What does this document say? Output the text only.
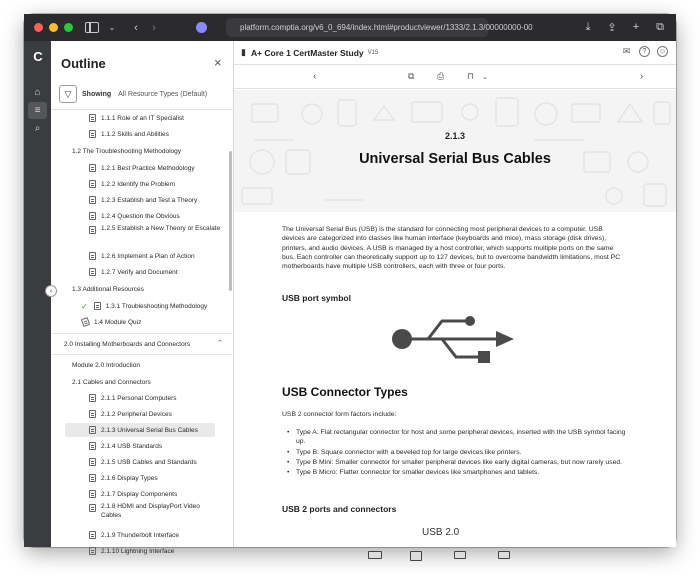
⌄	‹	›	platform.comptia.org/v6_0_694/index.html#productviewer/1333/2.1.3/00000000-00	⤓	⇪	+	⧉
C
⌂
≡
⌕
Outline	×
▽	Showing All Resource Types (Default)
1.1.1 Role of an IT Specialist
1.1.2 Skills and Abilities
1.2 The Troubleshooting Methodology
1.2.1 Best Practice Methodology
1.2.2 Identify the Problem
1.2.3 Establish and Test a Theory
1.2.4 Question the Obvious
1.2.5 Establish a New Theory or Escalate
1.2.6 Implement a Plan of Action
1.2.7 Verify and Document
1.3 Additional Resources
✓	1.3.1 Troubleshooting Methodology
1.4 Module Quiz
2.0 Installing Motherboards and Connectors	⌃
Module 2.0 Introduction
2.1 Cables and Connectors
2.1.1 Personal Computers
2.1.2 Peripheral Devices
2.1.3 Universal Serial Bus Cables
2.1.4 USB Standards
2.1.5 USB Cables and Standards
2.1.6 Display Types
2.1.7 Display Components
2.1.8 HDMI and DisplayPort Video Cables
2.1.9 Thunderbolt Interface
2.1.10 Lightning Interface
‹
▮ A+ Core 1 CertMaster Study V15	✉	?	☺
‹	⧉	⎙	⊓ ⌄	›
2.1.3
Universal Serial Bus Cables

The Universal Serial Bus (USB) is the standard for connecting most peripheral devices to a computer. USB devices are categorized into classes like human interface (keyboards and mice), mass storage (disk drives), printers, and audio devices. A USB is managed by a host controller, which supports multiple ports on the same bus. Each controller can theoretically support up to 127 devices, but to overcome bandwidth limitations, most PC motherboards have multiple USB controllers, each with three or four ports.

USB port symbol
USB Connector Types
USB 2 connector form factors include:
• Type A: Flat rectangular connector for host and some peripheral devices, inserted with the USB symbol facing up.
• Type B: Square connector with a beveled top for large devices like printers.
• Type B Mini: Smaller connector for smaller peripheral devices like early digital cameras, but now rarely used.
• Type B Micro: Flatter connector for smaller devices like smartphones and tablets.
USB 2 ports and connectors
USB 2.0
